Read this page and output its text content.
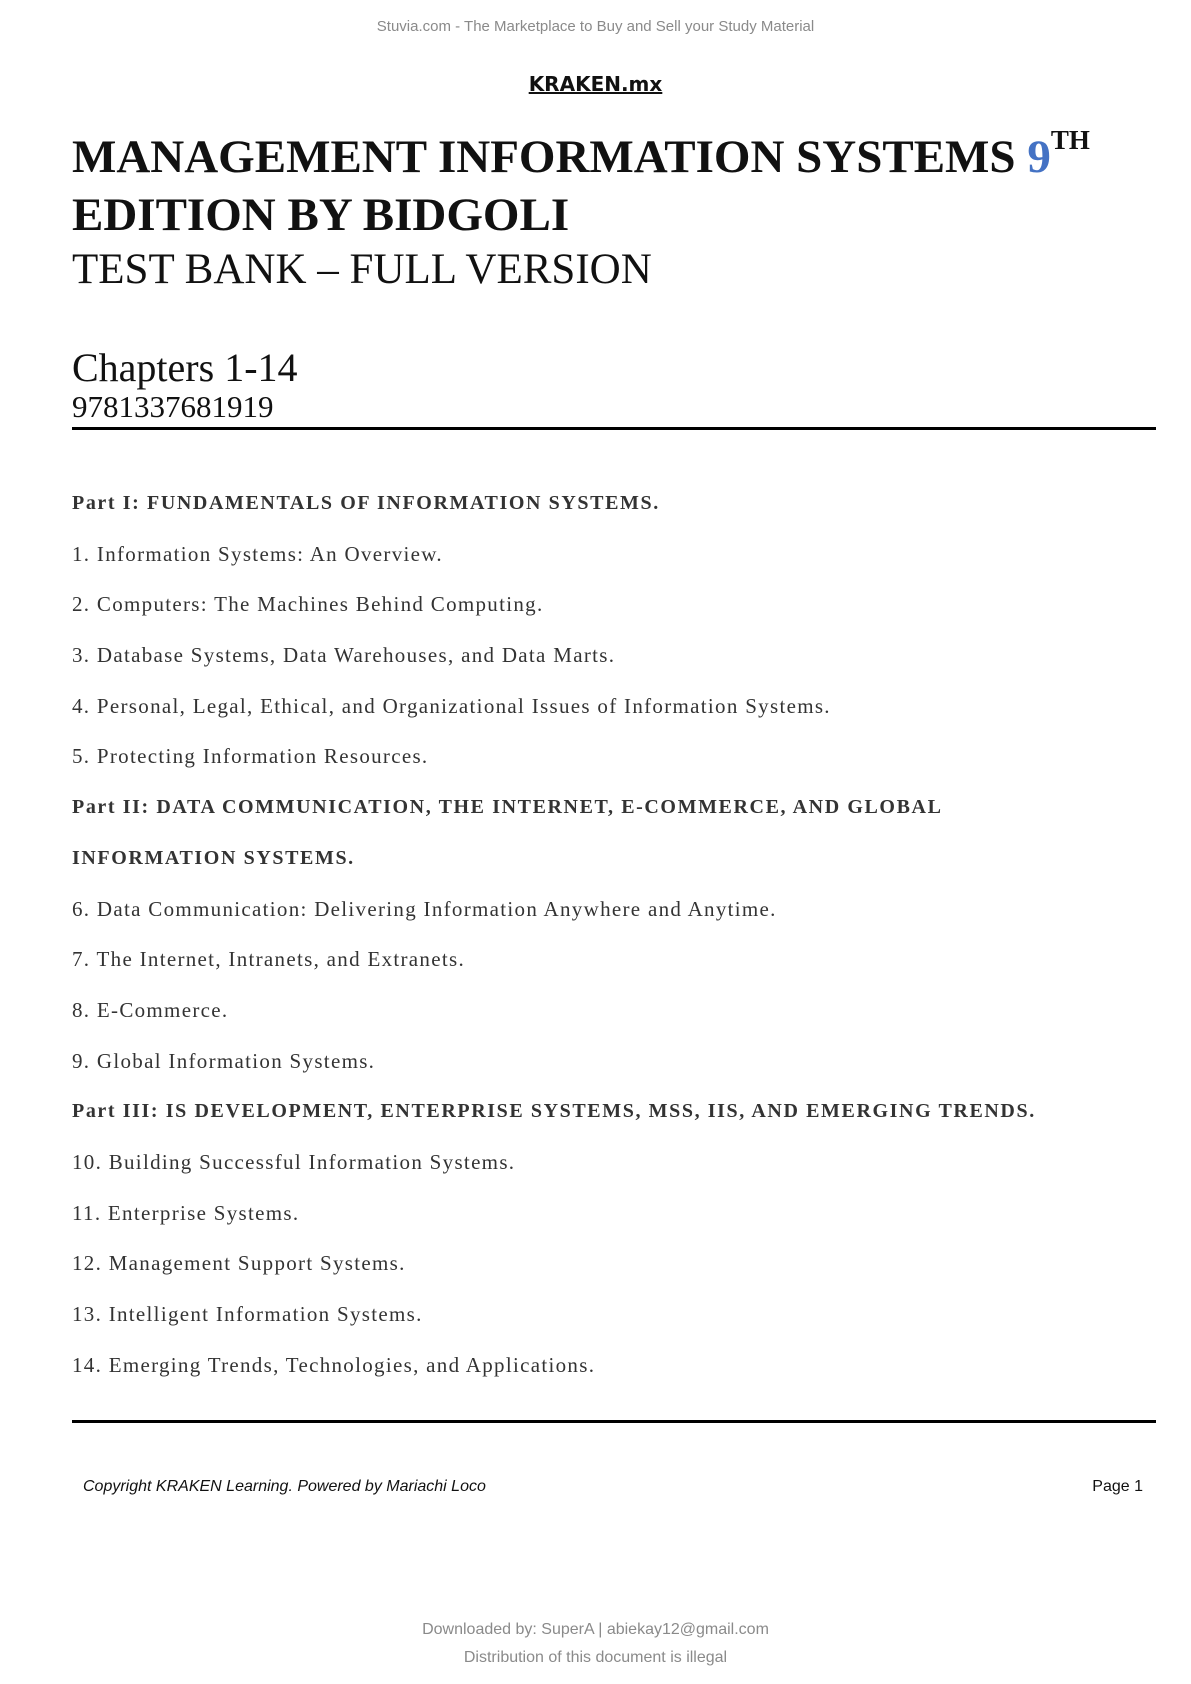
Stuvia.com - The Marketplace to Buy and Sell your Study Material
KRAKEN.mx
MANAGEMENT INFORMATION SYSTEMS 9TH
EDITION BY BIDGOLI
TEST BANK – FULL VERSION
Chapters 1-14
9781337681919
Part I: FUNDAMENTALS OF INFORMATION SYSTEMS.
1. Information Systems: An Overview.
2. Computers: The Machines Behind Computing.
3. Database Systems, Data Warehouses, and Data Marts.
4. Personal, Legal, Ethical, and Organizational Issues of Information Systems.
5. Protecting Information Resources.
Part II: DATA COMMUNICATION, THE INTERNET, E-COMMERCE, AND GLOBAL
INFORMATION SYSTEMS.
6. Data Communication: Delivering Information Anywhere and Anytime.
7. The Internet, Intranets, and Extranets.
8. E-Commerce.
9. Global Information Systems.
Part III: IS DEVELOPMENT, ENTERPRISE SYSTEMS, MSS, IIS, AND EMERGING TRENDS.
10. Building Successful Information Systems.
11. Enterprise Systems.
12. Management Support Systems.
13. Intelligent Information Systems.
14. Emerging Trends, Technologies, and Applications.
Copyright KRAKEN Learning. Powered by Mariachi Loco	Page 1
Downloaded by: SuperA | abiekay12@gmail.com
Distribution of this document is illegal
